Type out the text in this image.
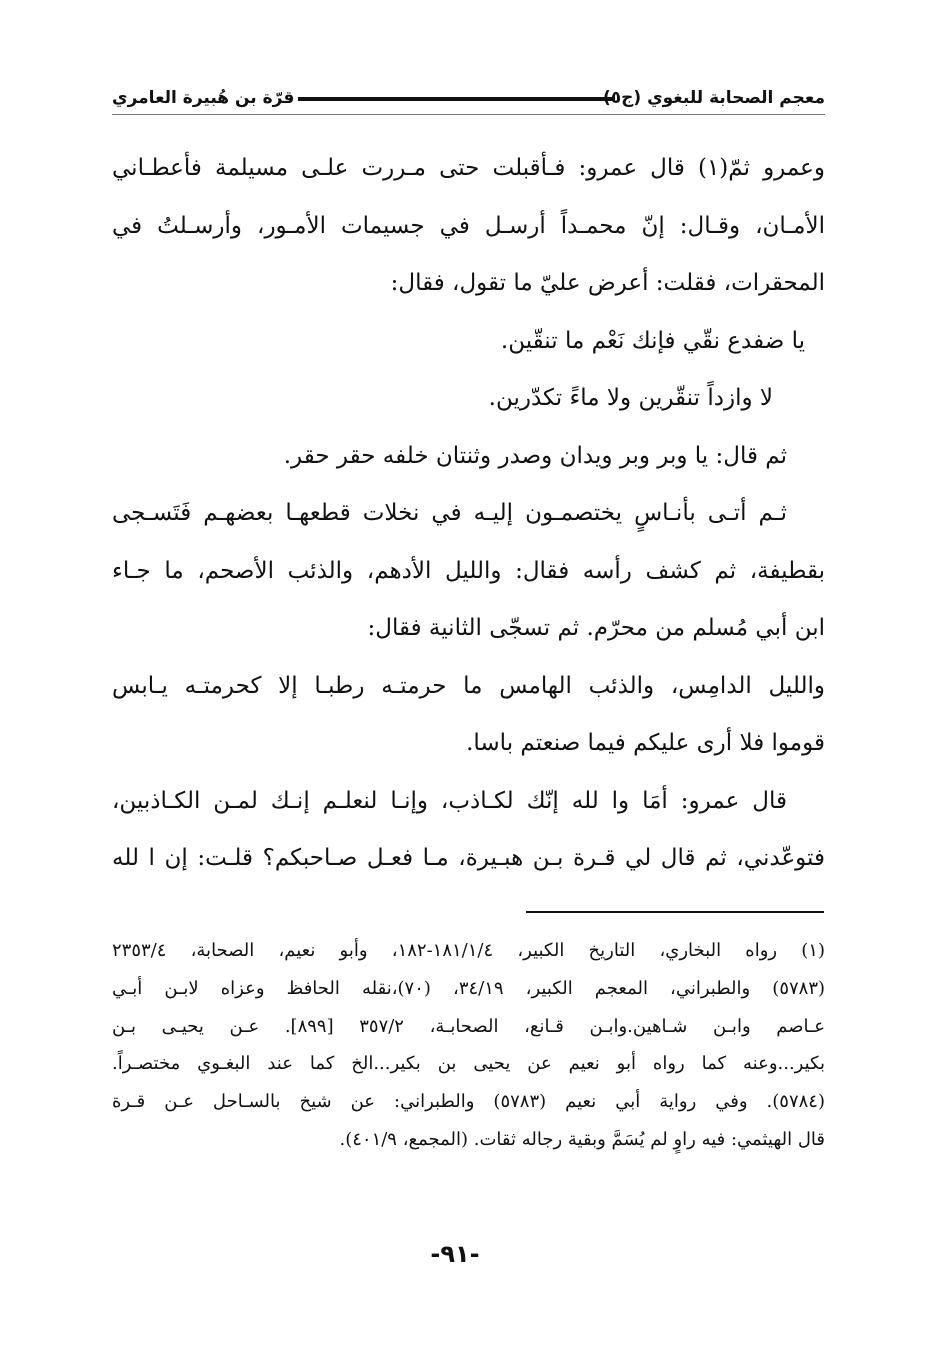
معجم الصحابة للبغوي (ج٥)
قرّة بن هُبيرة العامري
وعمرو ثمّ(١) قال عمرو: فـأقبلت حتى مـررت علـى مسيلمة فأعطـاني
الأمـان، وقـال: إنّ محمـداً أرسـل في جسيمات الأمـور، وأرسـلتُ في
المحقرات، فقلت: أعرض عليّ ما تقول، فقال:
يا ضفدع نقّي فإنك نَعْم ما تنقّين.
لا وازداً تنقّرين ولا ماءً تكدّرين.
ثم قال: يا وبر وبر ويدان وصدر وثنتان خلفه حقر حقر.
ثـم أتـى بأنـاسٍ يختصمـون إليـه في نخلات قطعهـا بعضهـم فَتَسـجى
بقطيفة، ثم كشف رأسه فقال: والليل الأدهم، والذئب الأصحم، ما جـاء
ابن أبي مُسلم من محرّم. ثم تسجّى الثانية فقال:
والليل الدامِس، والذئب الهامس ما حرمتـه رطبـا إلا كحرمتـه يـابس
قوموا فلا أرى عليكم فيما صنعتم باسا.
قال عمرو: أمَا وا لله إنّك لكـاذب، وإنـا لنعلـم إنـك لمـن الكـاذبين،
فتوعّدني، ثم قال لي قـرة بـن هبـيرة، مـا فعـل صـاحبكم؟ قلـت: إن ا لله
(١) رواه البخاري، التاريخ الكبير، ١٨١/١/٤-١٨٢، وأبو نعيم، الصحابة، ٢٣٥٣/٤
(٥٧٨٣) والطبراني، المعجم الكبير، ٣٤/١٩، (٧٠)،نقله الحافظ وعزاه لابـن أبـي
عـاصم وابـن شـاهين.وابـن قـانع، الصحابـة، ٣٥٧/٢ [٨٩٩]. عـن يحيـى بـن
بكير...وعنه كما رواه أبو نعيم عن يحيى بن بكير...الخ كما عند البغـوي مختصـراً.
(٥٧٨٤). وفي رواية أبي نعيم (٥٧٨٣) والطبراني: عن شيخ بالسـاحل عـن قـرة
قال الهيثمي: فيه راوٍ لم يُسَمَّ وبقية رجاله ثقات. (المجمع، ٤٠١/٩).
-٩١-
